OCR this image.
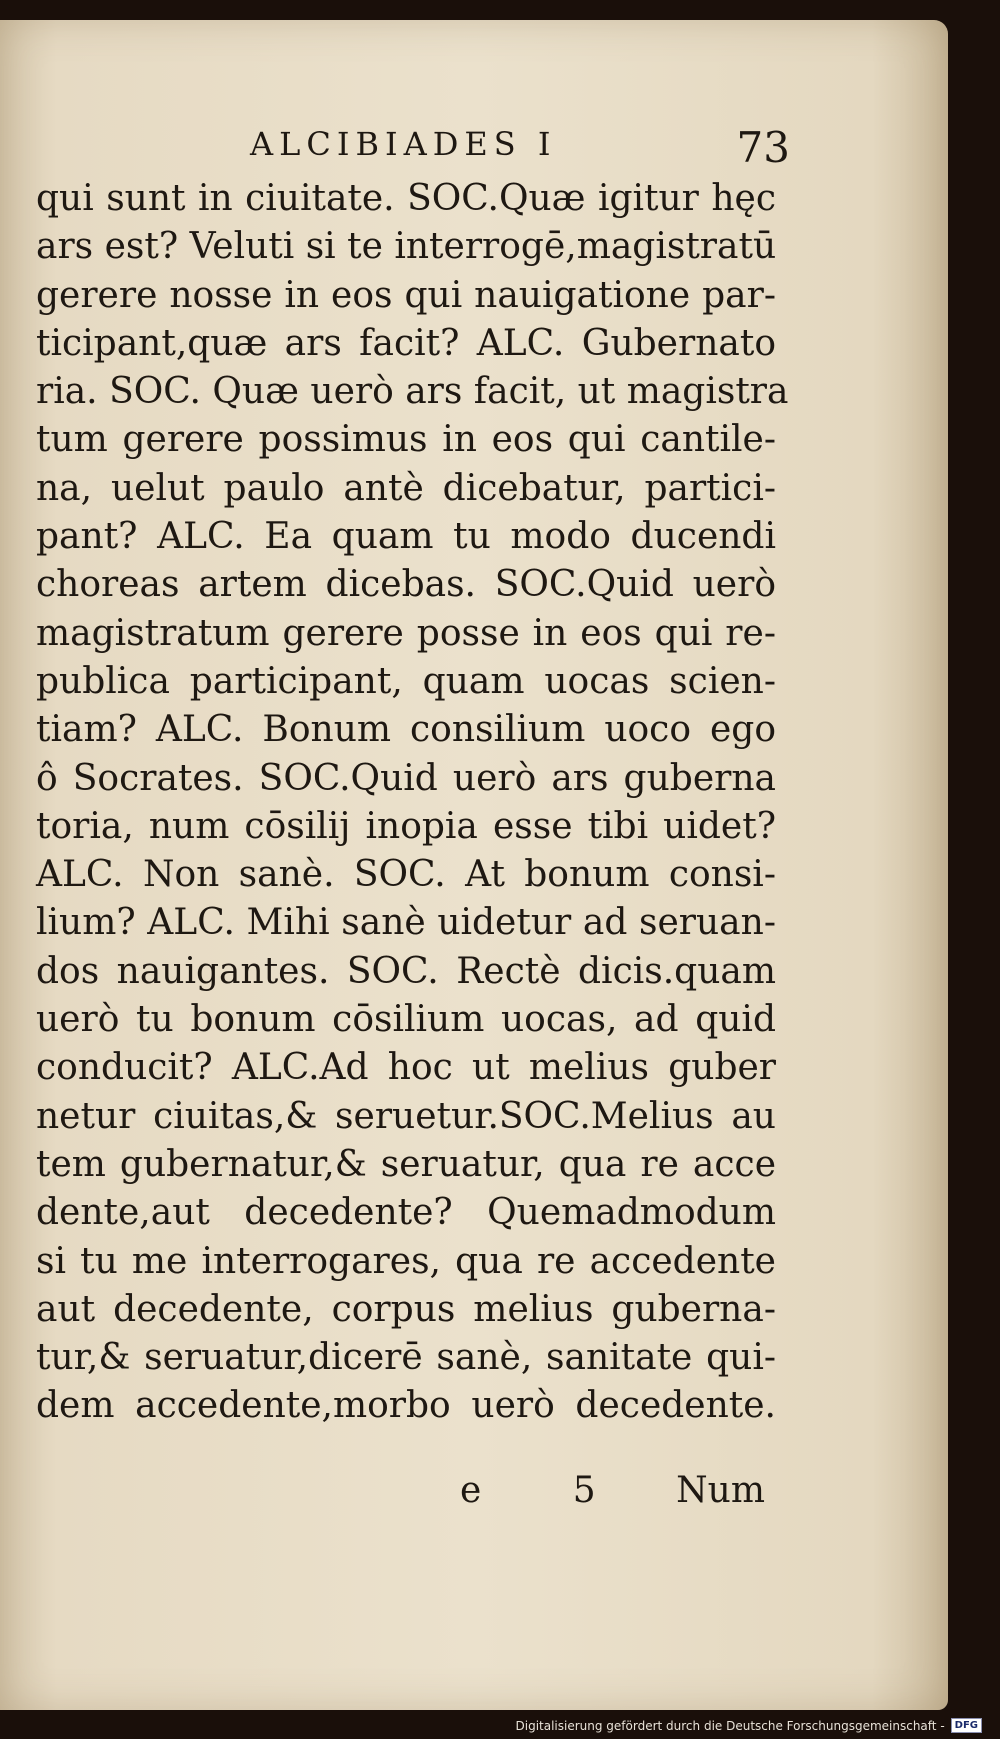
ALCIBIADES I	73
qui sunt in ciuitate. SOC.Quæ igitur hęc
ars est? Veluti si te interrogē,magistratū
gerere nosse in eos qui nauigatione par-
ticipant,quæ ars facit? ALC. Gubernato
ria. SOC. Quæ uerò ars facit, ut magistra
tum gerere possimus in eos qui cantile-
na, uelut paulo antè dicebatur, partici-
pant? ALC. Ea quam tu modo ducendi
choreas artem dicebas. SOC.Quid uerò
magistratum gerere posse in eos qui re-
publica participant, quam uocas scien-
tiam? ALC. Bonum consilium uoco ego
ô Socrates. SOC.Quid uerò ars guberna
toria, num cōsilij inopia esse tibi uidet?
ALC. Non sanè. SOC. At bonum consi-
lium? ALC. Mihi sanè uidetur ad seruan-
dos nauigantes. SOC. Rectè dicis.quam
uerò tu bonum cōsilium uocas, ad quid
conducit? ALC.Ad hoc ut melius guber
netur ciuitas,& seruetur.SOC.Melius au
tem gubernatur,& seruatur, qua re acce
dente,aut decedente? Quemadmodum
si tu me interrogares, qua re accedente
aut decedente, corpus melius guberna-
tur,& seruatur,dicerē sanè, sanitate qui-
dem accedente,morbo uerò decedente.
e 5 Num
Digitalisierung gefördert durch die Deutsche Forschungsgemeinschaft -	DFG
